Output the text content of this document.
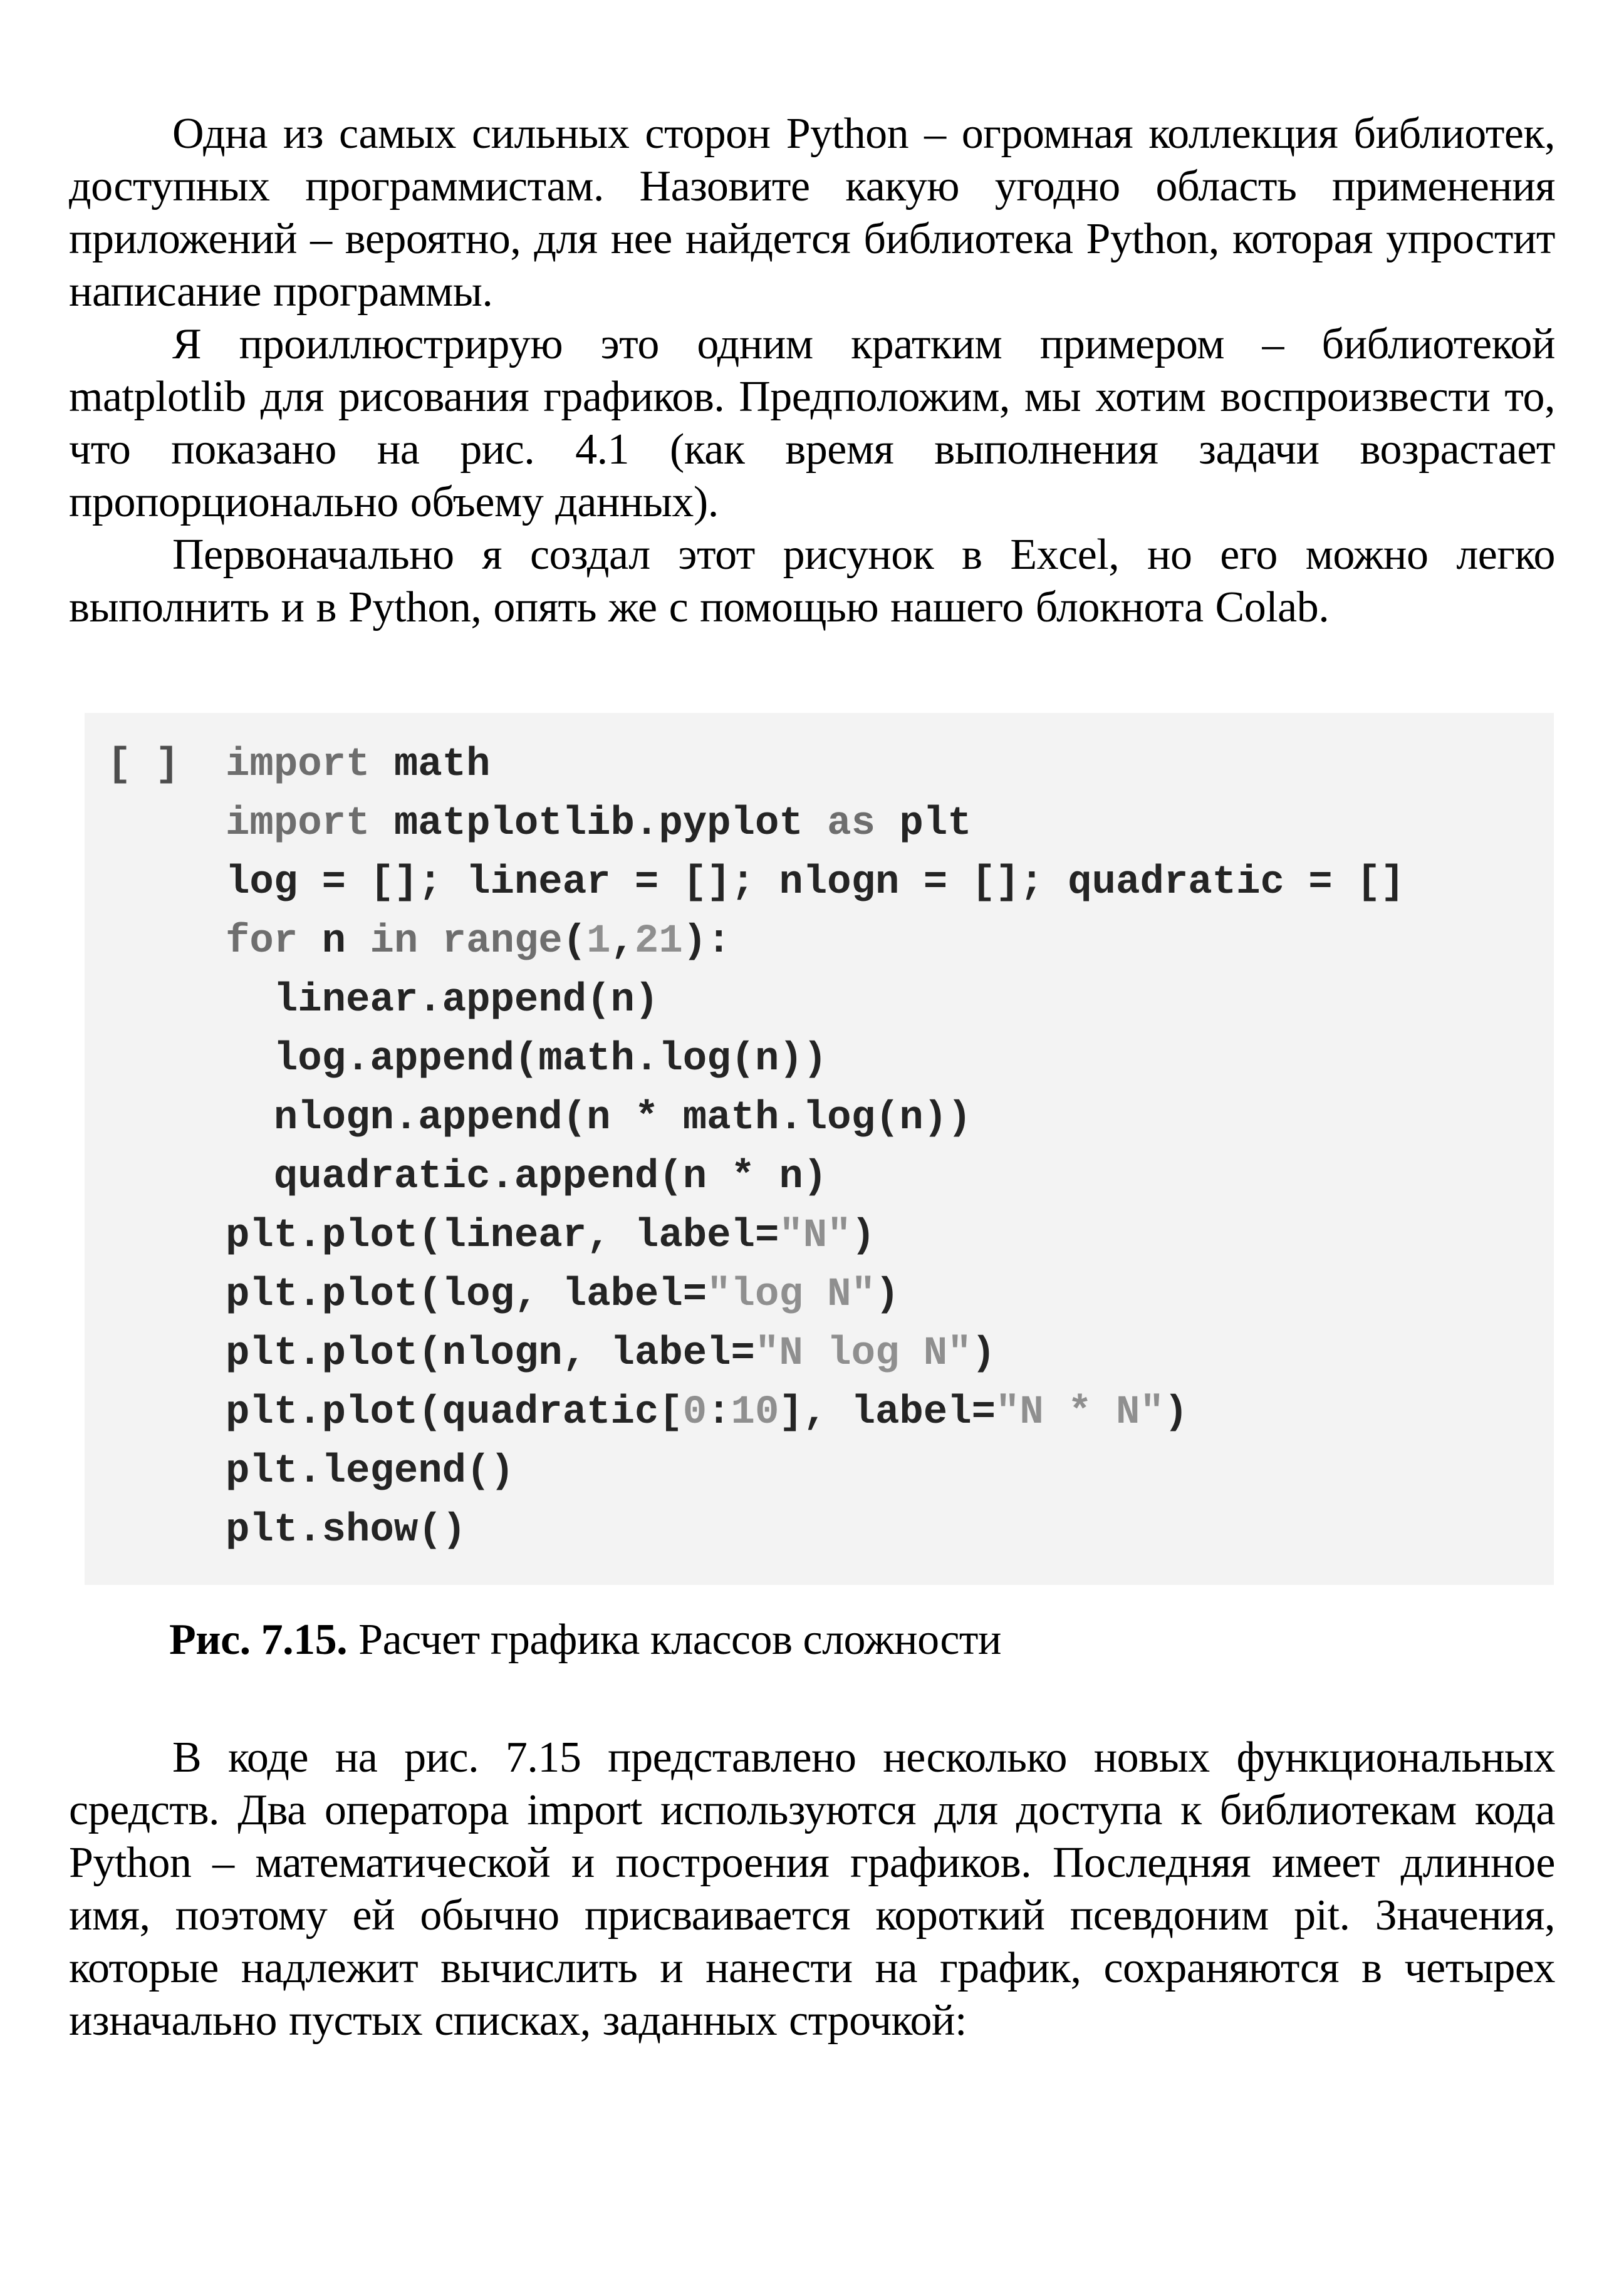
Одна из самых сильных сторон Python – огромная коллекция библиотек, доступных программистам. Назовите какую угодно область применения приложений – вероятно, для нее найдется библиотека Python, которая упростит написание программы.

Я проиллюстрирую это одним кратким примером – библиотекой matplotlib для рисования графиков. Предположим, мы хотим воспроизвести то, что показано на рис. 4.1 (как время выполнения задачи возрастает пропорционально объему данных).

Первоначально я создал этот рисунок в Excel, но его можно легко выполнить и в Python, опять же с помощью нашего блокнота Colab.

[ ] import math
import matplotlib.pyplot as plt
log = []; linear = []; nlogn = []; quadratic = []
for n in range(1,21):
linear.append(n)
log.append(math.log(n))
nlogn.append(n * math.log(n))
quadratic.append(n * n)
plt.plot(linear, label="N")
plt.plot(log, label="log N")
plt.plot(nlogn, label="N log N")
plt.plot(quadratic[0:10], label="N * N")
plt.legend()
plt.show()
Рис. 7.15. Расчет графика классов сложности

В коде на рис. 7.15 представлено несколько новых функциональных средств. Два оператора import используются для доступа к библиотекам кода Python – математической и построения графиков. Последняя имеет длинное имя, поэтому ей обычно присваивается короткий псевдоним pit. Значения, которые надлежит вычислить и нанести на график, сохраняются в четырех изначально пустых списках, заданных строчкой:
